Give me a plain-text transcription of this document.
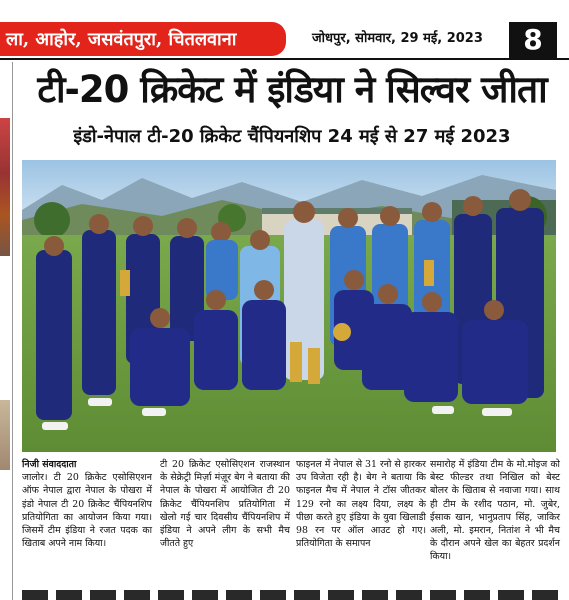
ला, आहोर, जसवंतपुरा, चितलवाना	जोधपुर, सोमवार, 29 मई, 2023	8
टी-20 क्रिकेट में इंडिया ने सिल्वर जीता
इंडो-नेपाल टी-20 क्रिकेट चैंपियनशिप 24 मई से 27 मई 2023
निजी संवाददाता
जालोर। टी 20 क्रिकेट एसोसिएशन ऑफ नेपाल द्वारा नेपाल के पोखरा में इंडो नेपाल टी 20 क्रिकेट चैंपियनशिप प्रतियोगिता का आयोजन किया गया। जिसमें टीम इंडिया ने रजत पदक का खिताब अपने नाम किया।
टी 20 क्रिकेट एसोसिएशन राजस्थान के सेक्रेट्री मिर्ज़ा मंज़ूर बेग ने बताया की नेपाल के पोखरा में आयोजित टी 20 क्रिकेट चैंपियनशिप प्रतियोगिता में खेलो गई चार दिवसीय चैंपियनशिप में इंडिया ने अपने लीग के सभी मैच जीतते हुए
फाइनल में नेपाल से 31 रनो से हारकर उप विजेता रही है। बेग ने बताया कि फाइनल मैच में नेपाल ने टॉस जीतकर 129 रनो का लक्ष्य दिया, लक्ष्य के पीछा करते हुए इंडिया के युवा खिलाडी 98 रन पर ऑल आउट हो गए। प्रतियोगिता के समापन
समारोह में इंडिया टीम के मो.मोइज को बेस्ट फील्डर तथा निखिल को बेस्ट बोलर के खिताब से नवाजा गया। साथ ही टीम के रशीद पठान, मो. जुबेर, ईसाक खान, भानुप्रताप सिंह, जाकिर अली, मो. इमरान, नितांश ने भी मैच के दौरान अपने खेल का बेहतर प्रदर्शन किया।
